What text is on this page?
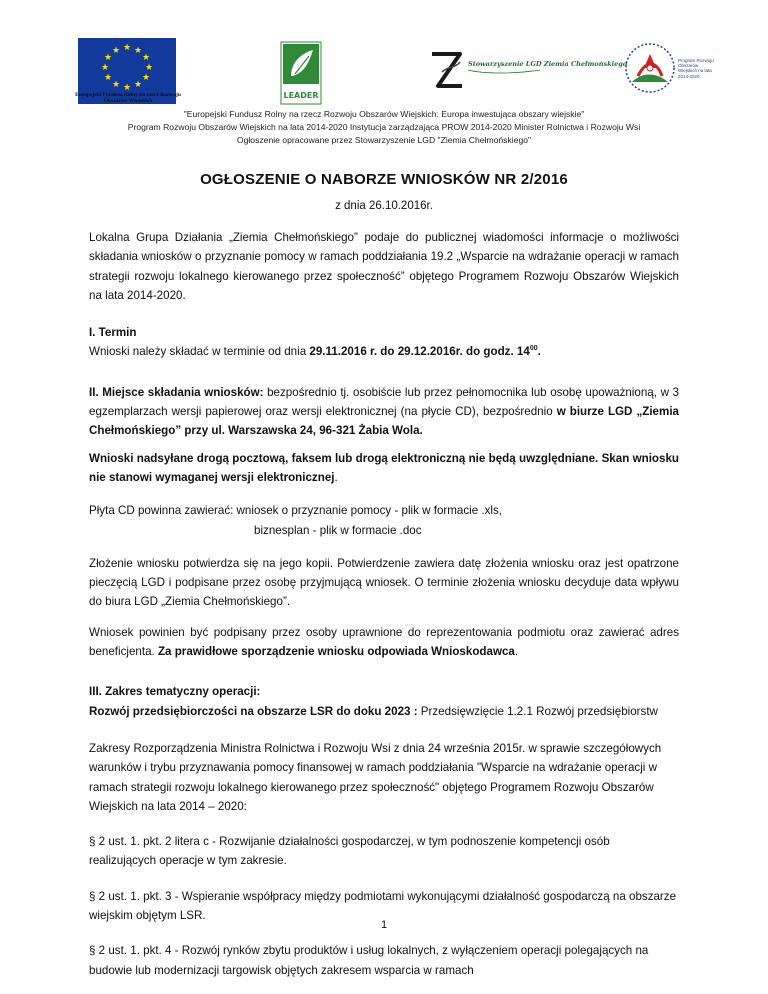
★ ★
★
★
★
★
★
★
★
★
★
★
Europejski Fundusz Rolny na rzecz Rozwoju Obszarów Wiejskich
LEADER
Stowarzyszenie LGD Ziemia Chełmońskiego	Program Rozwoju Obszarów Wiejskich na lata 2014-2020
"Europejski Fundusz Rolny na rzecz Rozwoju Obszarów Wiejskich: Europa inwestująca obszary wiejskie"
Program Rozwoju Obszarów Wiejskich na lata 2014-2020 Instytucja zarządzająca PROW 2014-2020 Minister Rolnictwa i Rozwoju Wsi
Ogłoszenie opracowane przez Stowarzyszenie LGD "Ziemia Chełmońskiego"
OGŁOSZENIE O NABORZE WNIOSKÓW NR 2/2016
z dnia 26.10.2016r.

Lokalna Grupa Działania „Ziemia Chełmońskiego” podaje do publicznej wiadomości informacje o możliwości składania wniosków o przyznanie pomocy w ramach poddziałania 19.2 „Wsparcie na wdrażanie operacji w ramach strategii rozwoju lokalnego kierowanego przez społeczność” objętego Programem Rozwoju Obszarów Wiejskich na lata 2014-2020.

I. Termin

Wnioski należy składać w terminie od dnia 29.11.2016 r. do 29.12.2016r. do godz. $14^{00}$.

II. Miejsce składania wniosków: bezpośrednio tj. osobiście lub przez pełnomocnika lub osobę upoważnioną, w 3 egzemplarzach wersji papierowej oraz wersji elektronicznej (na płycie CD), bezpośrednio w biurze LGD „Ziemia Chełmońskiego” przy ul. Warszawska 24, 96-321 Żabia Wola.

Wnioski nadsyłane drogą pocztową, faksem lub drogą elektroniczną nie będą uwzględniane. Skan wniosku nie stanowi wymaganej wersji elektronicznej.

Płyta CD powinna zawierać: wniosek o przyznanie pomocy - plik w formacie .xls,

biznesplan - plik w formacie .doc

Złożenie wniosku potwierdza się na jego kopii. Potwierdzenie zawiera datę złożenia wniosku oraz jest opatrzone pieczęcią LGD i podpisane przez osobę przyjmującą wniosek. O terminie złożenia wniosku decyduje data wpływu do biura LGD „Ziemia Chełmońskiego”.

Wniosek powinien być podpisany przez osoby uprawnione do reprezentowania podmiotu oraz zawierać adres beneficjenta. Za prawidłowe sporządzenie wniosku odpowiada Wnioskodawca.

III. Zakres tematyczny operacji:

Rozwój przedsiębiorczości na obszarze LSR do doku 2023 : Przedsięwzięcie 1.2.1 Rozwój przedsiębiorstw

Zakresy Rozporządzenia Ministra Rolnictwa i Rozwoju Wsi z dnia 24 września 2015r. w sprawie szczegółowych warunków i trybu przyznawania pomocy finansowej w ramach poddziałania "Wsparcie na wdrażanie operacji w ramach strategii rozwoju lokalnego kierowanego przez społeczność" objętego Programem Rozwoju Obszarów Wiejskich na lata 2014 – 2020:

§ 2 ust. 1. pkt. 2 litera c - Rozwijanie działalności gospodarczej, w tym podnoszenie kompetencji osób realizujących operacje w tym zakresie.

§ 2 ust. 1. pkt. 3 - Wspieranie współpracy między podmiotami wykonującymi działalność gospodarczą na obszarze wiejskim objętym LSR.

§ 2 ust. 1. pkt. 4 - Rozwój rynków zbytu produktów i usług lokalnych, z wyłączeniem operacji polegających na budowie lub modernizacji targowisk objętych zakresem wsparcia w ramach

1
